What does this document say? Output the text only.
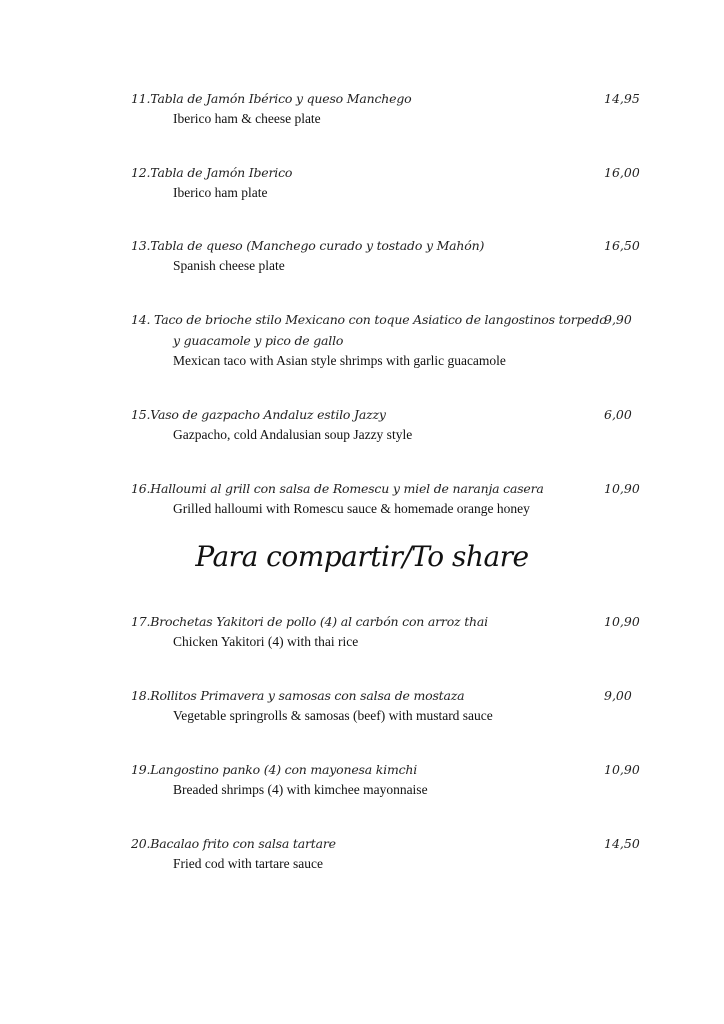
Para compartir/To share
11.Tabla de Jamón Ibérico y queso Manchego
Iberico ham & cheese plate
14,95
12.Tabla de Jamón Iberico
Iberico ham plate
16,00
13.Tabla de queso (Manchego curado y tostado y Mahón)
Spanish cheese plate
16,50
14. Taco de brioche stilo Mexicano con toque Asiatico de langostinos torpedo
y guacamole y pico de gallo
Mexican taco with Asian style shrimps with garlic guacamole
9,90
15.Vaso de gazpacho Andaluz estilo Jazzy
Gazpacho, cold Andalusian soup Jazzy style
6,00
16.Halloumi al grill con salsa de Romescu y miel de naranja casera
Grilled halloumi with Romescu sauce & homemade orange honey
10,90
17.Brochetas Yakitori de pollo (4) al carbón con arroz thai
Chicken Yakitori (4) with thai rice
10,90
18.Rollitos Primavera y samosas con salsa de mostaza
Vegetable springrolls & samosas (beef) with mustard sauce
9,00
19.Langostino panko (4) con mayonesa kimchi
Breaded shrimps (4) with kimchee mayonnaise
10,90
20.Bacalao frito con salsa tartare
Fried cod with tartare sauce
14,50
